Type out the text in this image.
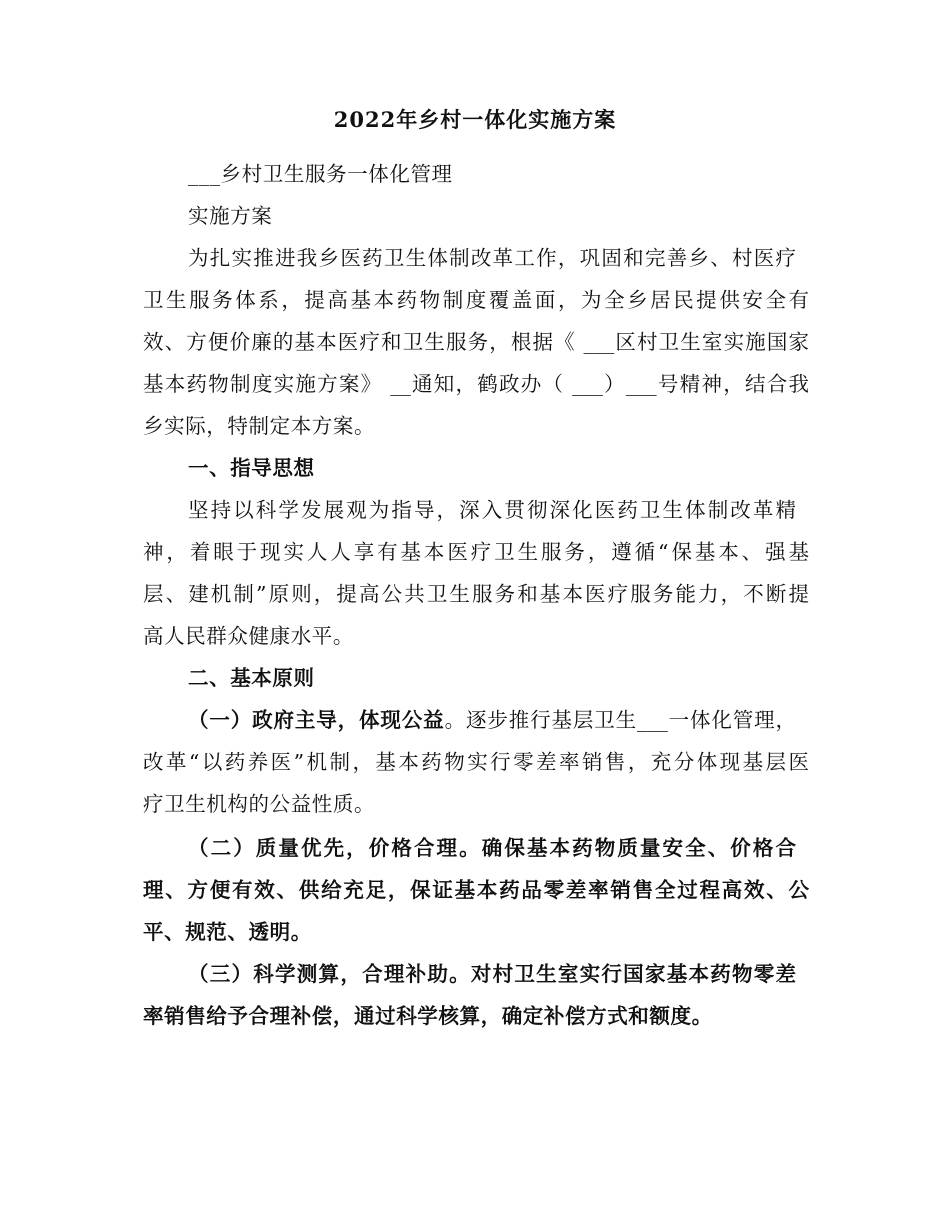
2022年乡村一体化实施方案
___乡村卫生服务一体化管理
实施方案
为扎实推进我乡医药卫生体制改革工作，巩固和完善乡、村医疗
卫生服务体系，提高基本药物制度覆盖面，为全乡居民提供安全有
效、方便价廉的基本医疗和卫生服务，根据《 ___区村卫生室实施国家
基本药物制度实施方案》 __通知，鹤政办（ ___）___号精神，结合我
乡实际，特制定本方案。
一、指导思想
坚持以科学发展观为指导，深入贯彻深化医药卫生体制改革精
神，着眼于现实人人享有基本医疗卫生服务，遵循“保基本、强基
层、建机制”原则，提高公共卫生服务和基本医疗服务能力，不断提
高人民群众健康水平。
二、基本原则
（一）政府主导，体现公益。逐步推行基层卫生___一体化管理，
改革“以药养医”机制，基本药物实行零差率销售，充分体现基层医
疗卫生机构的公益性质。
（二）质量优先，价格合理。确保基本药物质量安全、价格合
理、方便有效、供给充足，保证基本药品零差率销售全过程高效、公
平、规范、透明。
（三）科学测算，合理补助。对村卫生室实行国家基本药物零差
率销售给予合理补偿，通过科学核算，确定补偿方式和额度。
